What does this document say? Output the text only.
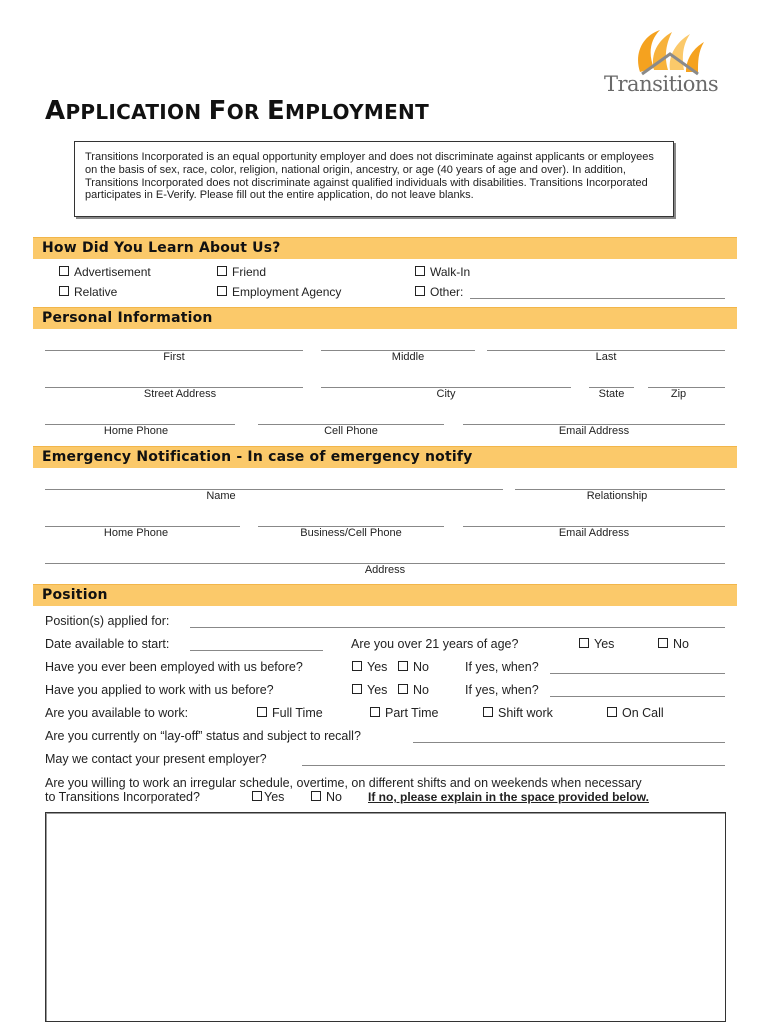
Transitions
APPLICATION FOR EMPLOYMENT
Transitions Incorporated is an equal opportunity employer and does not discriminate against applicants or employees on the basis of sex, race, color, religion, national origin, ancestry, or age (40 years of age and over). In addition, Transitions Incorporated does not discriminate against qualified individuals with disabilities. Transitions Incorporated participates in E-Verify. Please fill out the entire application, do not leave blanks.
How Did You Learn About Us?
Advertisement	Friend	Walk-In
Relative	Employment Agency	Other:
Personal Information
First	Middle	Last
Street Address	City	State	Zip
Home Phone	Cell Phone	Email Address
Emergency Notification - In case of emergency notify
Name	Relationship
Home Phone	Business/Cell Phone	Email Address
Address
Position
Position(s) applied for:
Date available to start:	Are you over 21 years of age?	Yes	No
Have you ever been employed with us before?	Yes No	If yes, when?
Have you applied to work with us before?	Yes No	If yes, when?
Are you available to work:	Full Time	Part Time	Shift work	On Call
Are you currently on “lay-off” status and subject to recall?
May we contact your present employer?
Are you willing to work an irregular schedule, overtime, on different shifts and on weekends when necessary
to Transitions Incorporated?	Yes	No If no, please explain in the space provided below.
